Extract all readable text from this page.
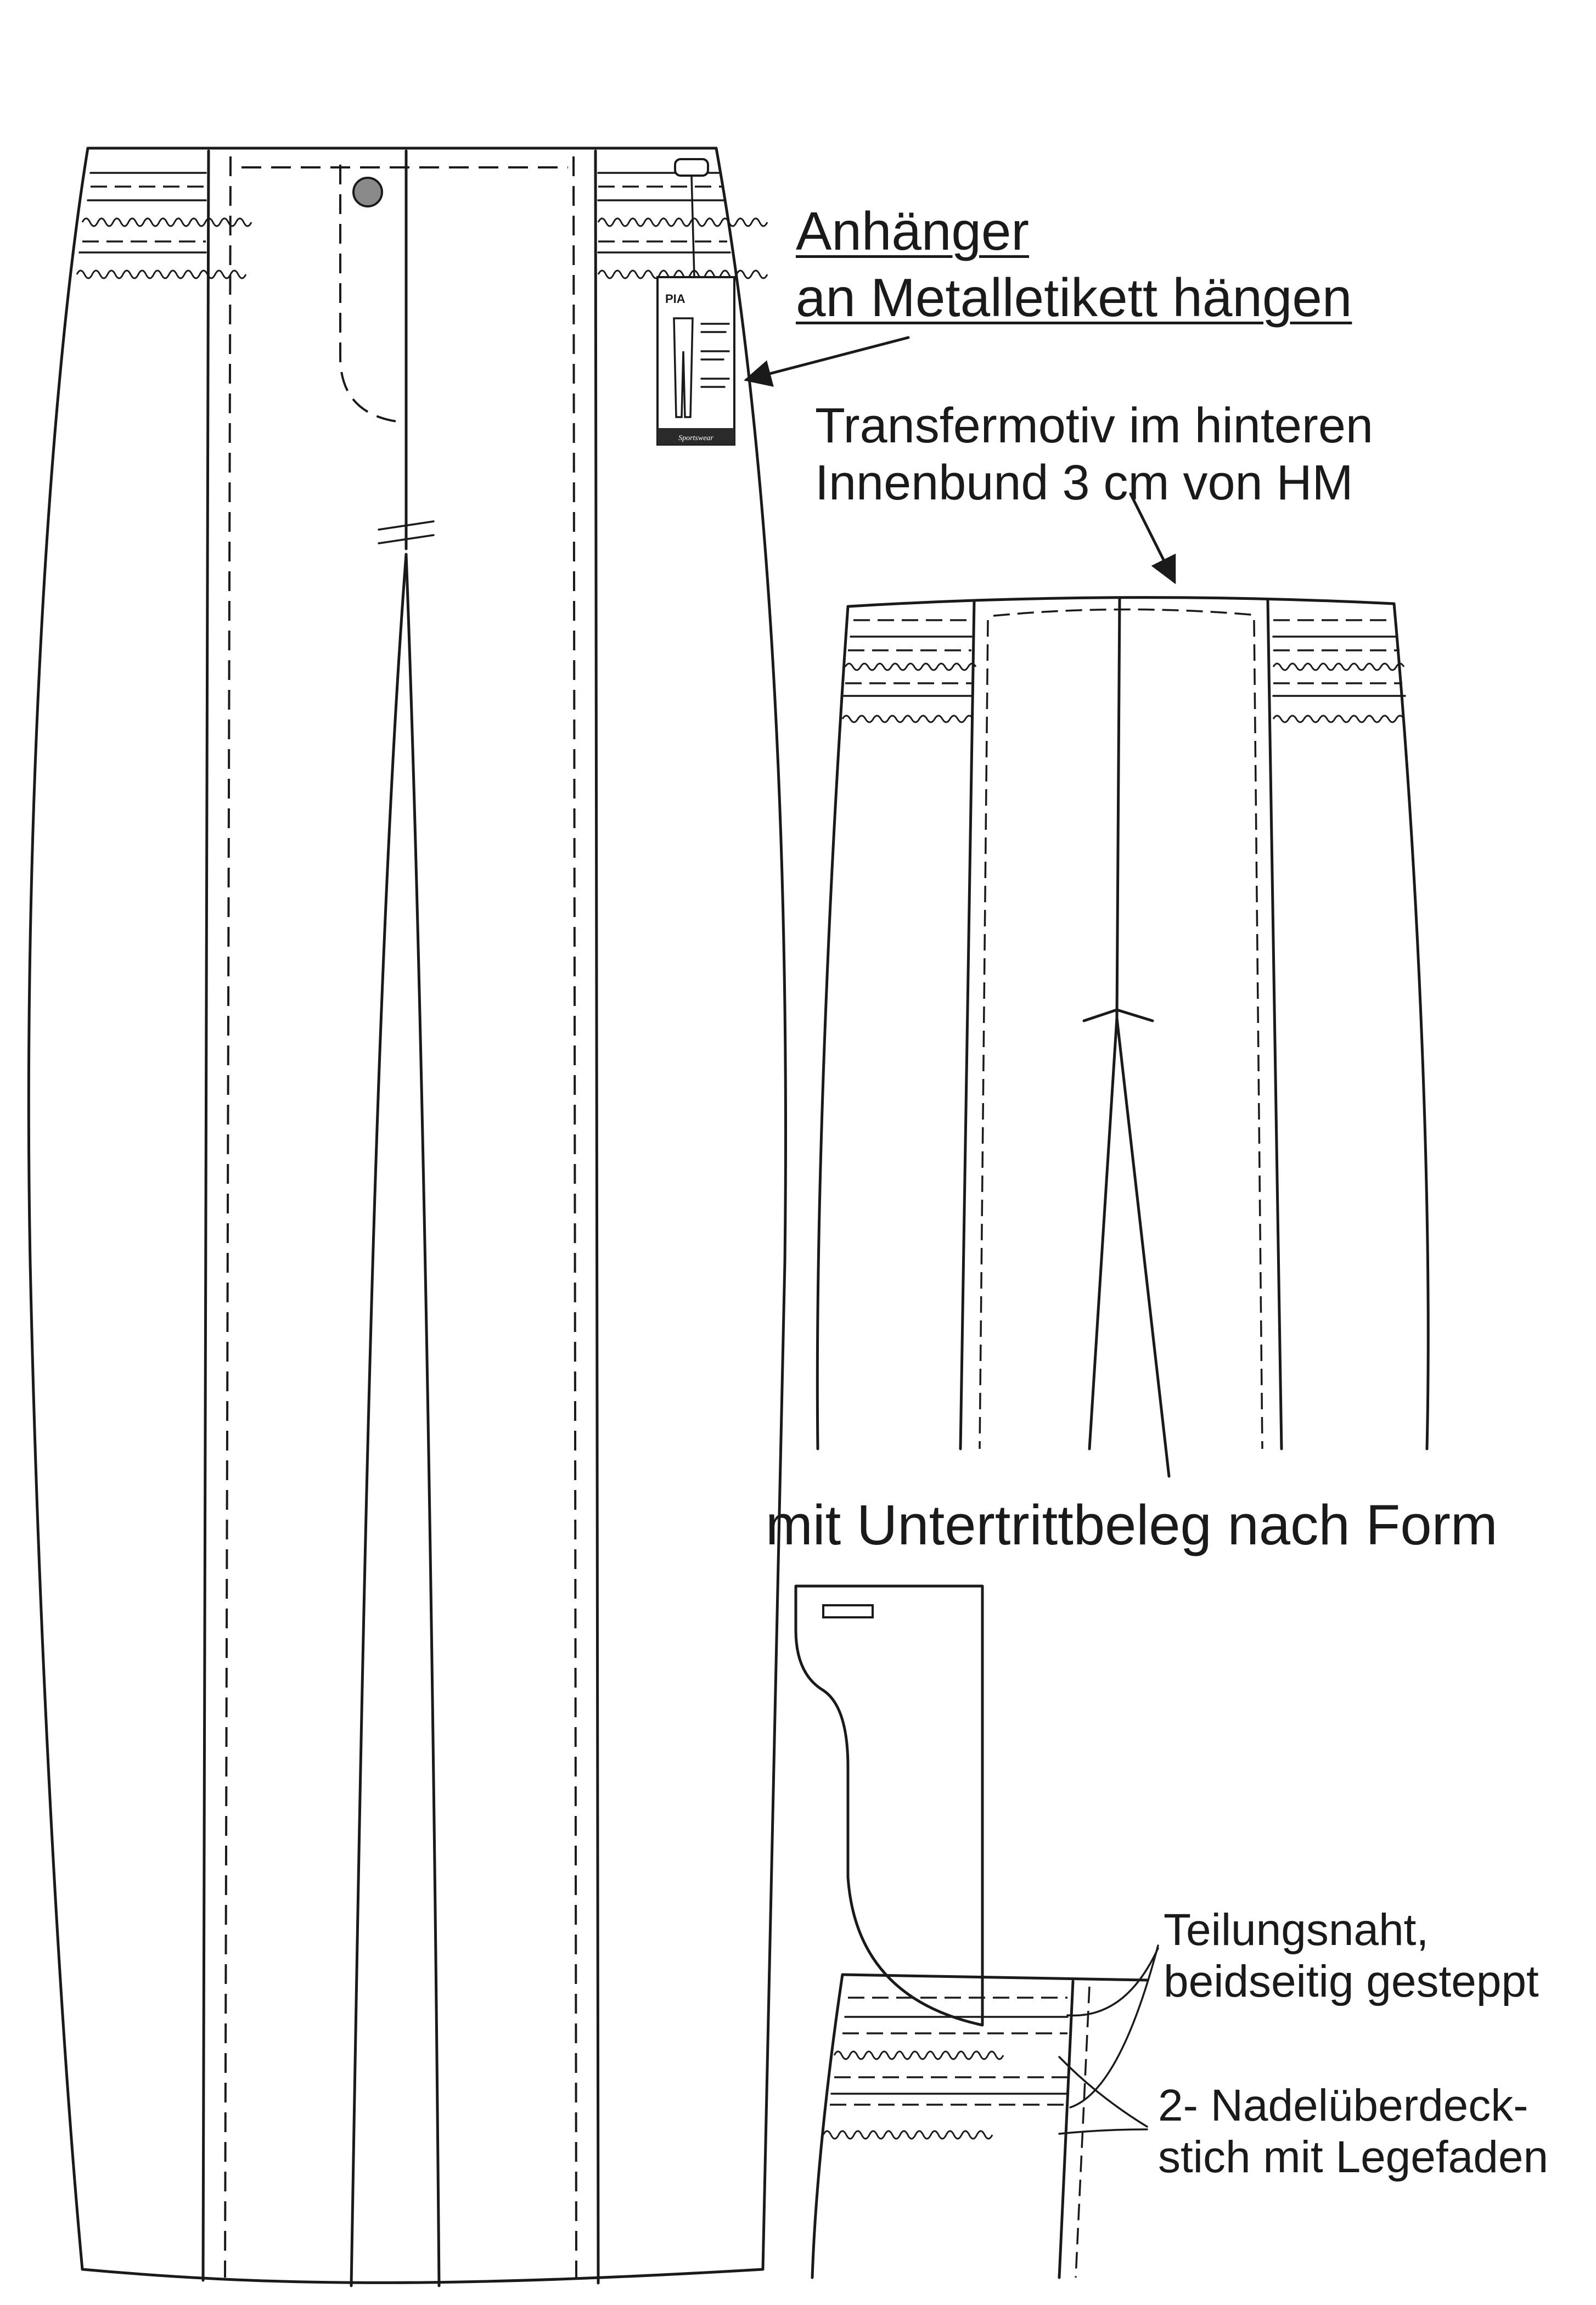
PIA
Sportswear
Anhänger
an Metalletikett hängen
Transfermotiv im hinteren
Innenbund 3 cm von HM
mit Untertrittbeleg nach Form
Teilungsnaht,
beidseitig gesteppt
2- Nadelüberdeck-
stich mit Legefaden
